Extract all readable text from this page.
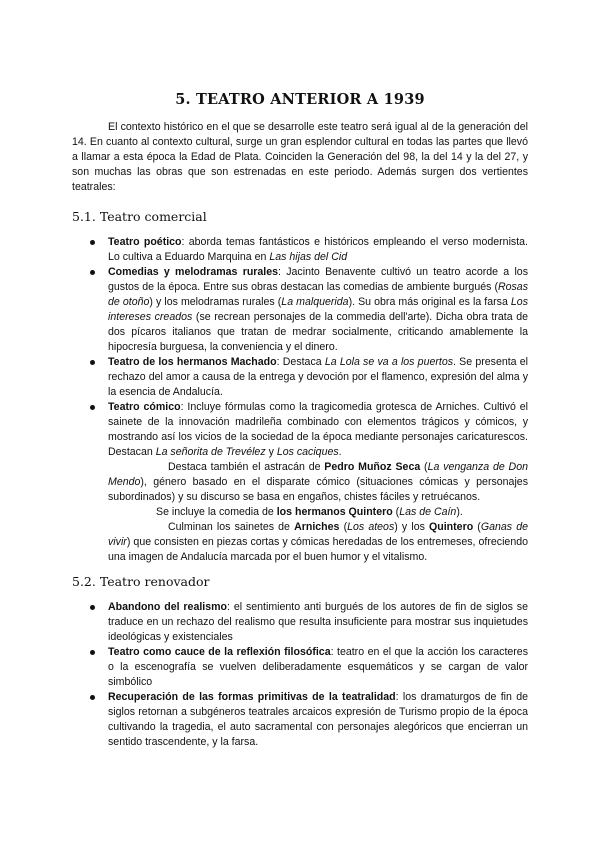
5. TEATRO ANTERIOR A 1939

El contexto histórico en el que se desarrolle este teatro será igual al de la generación del 14. En cuanto al contexto cultural, surge un gran esplendor cultural en todas las partes que llevó a llamar a esta época la Edad de Plata. Coinciden la Generación del 98, la del 14 y la del 27, y son muchas las obras que son estrenadas en este periodo. Además surgen dos vertientes teatrales:

5.1. Teatro comercial
Teatro poético: aborda temas fantásticos e históricos empleando el verso modernista. Lo cultiva a Eduardo Marquina en Las hijas del Cid
Comedias y melodramas rurales: Jacinto Benavente cultivó un teatro acorde a los gustos de la época. Entre sus obras destacan las comedias de ambiente burgués (Rosas de otoño) y los melodramas rurales (La malquerida). Su obra más original es la farsa Los intereses creados (se recrean personajes de la commedia dell'arte). Dicha obra trata de dos pícaros italianos que tratan de medrar socialmente, criticando amablemente la hipocresía burguesa, la conveniencia y el dinero.
Teatro de los hermanos Machado: Destaca La Lola se va a los puertos. Se presenta el rechazo del amor a causa de la entrega y devoción por el flamenco, expresión del alma y la esencia de Andalucía.
Teatro cómico: Incluye fórmulas como la tragicomedia grotesca de Arniches. Cultivó el sainete de la innovación madrileña combinado con elementos trágicos y cómicos, y mostrando así los vicios de la sociedad de la época mediante personajes caricaturescos. Destacan La señorita de Trevélez y Los caciques.
Destaca también el astracán de Pedro Muñoz Seca (La venganza de Don Mendo), género basado en el disparate cómico (situaciones cómicas y personajes subordinados) y su discurso se basa en engaños, chistes fáciles y retruécanos.
Se incluye la comedia de los hermanos Quintero (Las de Caín).
Culminan los sainetes de Arniches (Los ateos) y los Quintero (Ganas de vivir) que consisten en piezas cortas y cómicas heredadas de los entremeses, ofreciendo una imagen de Andalucía marcada por el buen humor y el vitalismo.
5.2. Teatro renovador
Abandono del realismo: el sentimiento anti burgués de los autores de fin de siglos se traduce en un rechazo del realismo que resulta insuficiente para mostrar sus inquietudes ideológicas y existenciales
Teatro como cauce de la reflexión filosófica: teatro en el que la acción los caracteres o la escenografía se vuelven deliberadamente esquemáticos y se cargan de valor simbólico
Recuperación de las formas primitivas de la teatralidad: los dramaturgos de fin de siglos retornan a subgéneros teatrales arcaicos expresión de Turismo propio de la época cultivando la tragedia, el auto sacramental con personajes alegóricos que encierran un sentido trascendente, y la farsa.
